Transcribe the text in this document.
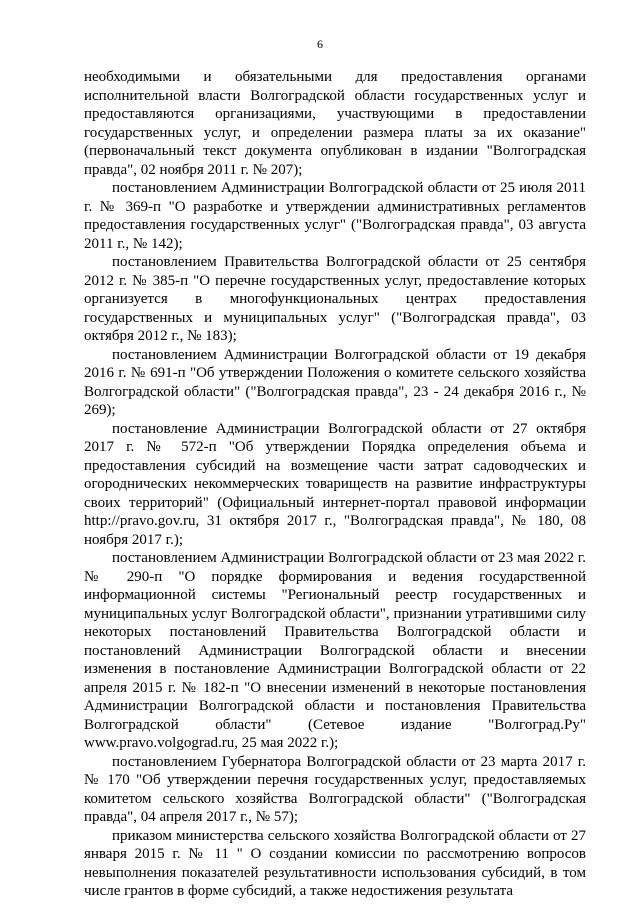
6

необходимыми и обязательными для предоставления органами исполнительной власти Волгоградской области государственных услуг и предоставляются организациями, участвующими в предоставлении государственных услуг, и определении размера платы за их оказание" (первоначальный текст документа опубликован в издании "Волгоградская правда", 02 ноября 2011 г. № 207);

постановлением Администрации Волгоградской области от 25 июля 2011 г. № 369-п "О разработке и утверждении административных регламентов предоставления государственных услуг" ("Волгоградская правда", 03 августа 2011 г., № 142);

постановлением Правительства Волгоградской области от 25 сентября 2012 г. № 385-п "О перечне государственных услуг, предоставление которых организуется в многофункциональных центрах предоставления государственных и муниципальных услуг" ("Волгоградская правда", 03 октября 2012 г., № 183);

постановлением Администрации Волгоградской области от 19 декабря 2016 г. № 691-п "Об утверждении Положения о комитете сельского хозяйства Волгоградской области" ("Волгоградская правда", 23 - 24 декабря 2016 г., № 269);

постановление Администрации Волгоградской области от 27 октября 2017 г. № 572-п "Об утверждении Порядка определения объема и предоставления субсидий на возмещение части затрат садоводческих и огороднических некоммерческих товариществ на развитие инфраструктуры своих территорий" (Официальный интернет-портал правовой информации http://pravo.gov.ru, 31 октября 2017 г., "Волгоградская правда", № 180, 08 ноября 2017 г.);

постановлением Администрации Волгоградской области от 23 мая 2022 г. № 290-п "О порядке формирования и ведения государственной информационной системы "Региональный реестр государственных и муниципальных услуг Волгоградской области", признании утратившими силу некоторых постановлений Правительства Волгоградской области и постановлений Администрации Волгоградской области и внесении изменения в постановление Администрации Волгоградской области от 22 апреля 2015 г. № 182-п "О внесении изменений в некоторые постановления Администрации Волгоградской области и постановления Правительства Волгоградской области" (Сетевое издание "Волгоград.Ру" www.pravo.volgograd.ru, 25 мая 2022 г.);

постановлением Губернатора Волгоградской области от 23 марта 2017 г. № 170 "Об утверждении перечня государственных услуг, предоставляемых комитетом сельского хозяйства Волгоградской области" ("Волгоградская правда", 04 апреля 2017 г., № 57);

приказом министерства сельского хозяйства Волгоградской области от 27 января 2015 г. № 11 " О создании комиссии по рассмотрению вопросов невыполнения показателей результативности использования субсидий, в том числе грантов в форме субсидий, а также недостижения результата
